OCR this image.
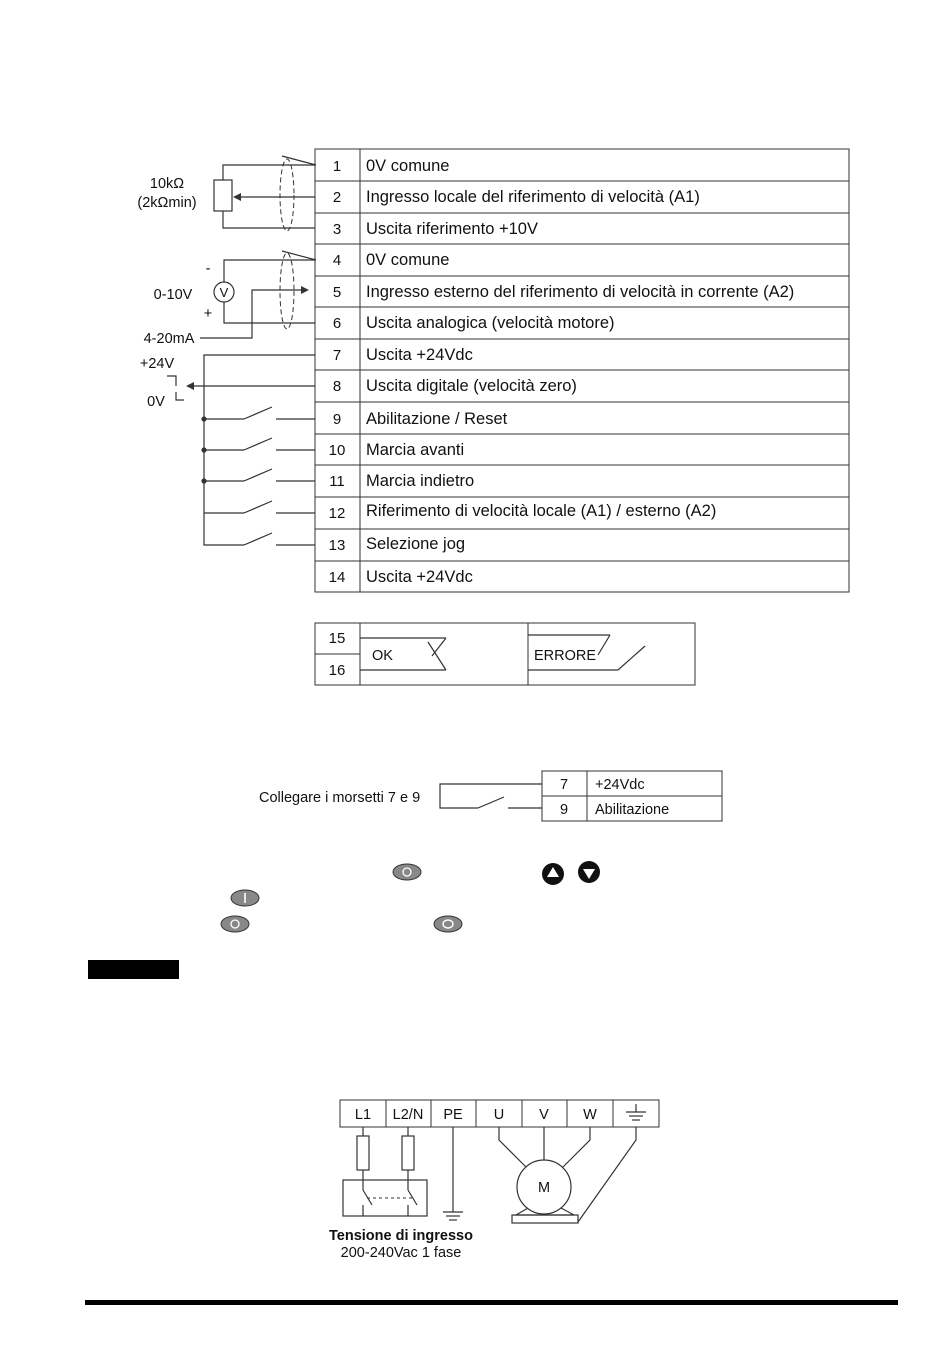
1 0V comune
2 Ingresso locale del riferimento di velocità (A1)
3 Uscita riferimento +10V
4 0V comune
5 Ingresso esterno del riferimento di velocità in corrente (A2)
6 Uscita analogica (velocità motore)
7 Uscita +24Vdc
8 Uscita digitale (velocità zero)
9 Abilitazione / Reset
10 Marcia avanti
11 Marcia indietro
12 Riferimento di velocità locale (A1) / esterno (A2)
13 Selezione jog
14 Uscita +24Vdc
10kΩ
(2kΩmin)
-
0-10V V
+
4-20mA
+24V
0V
15
16
OK	ERRORE
Collegare i morsetti 7 e 9
7 +24Vdc
9 Abilitazione
L1 L2/N PE U V W
M
Tensione di ingresso
200-240Vac 1 fase
